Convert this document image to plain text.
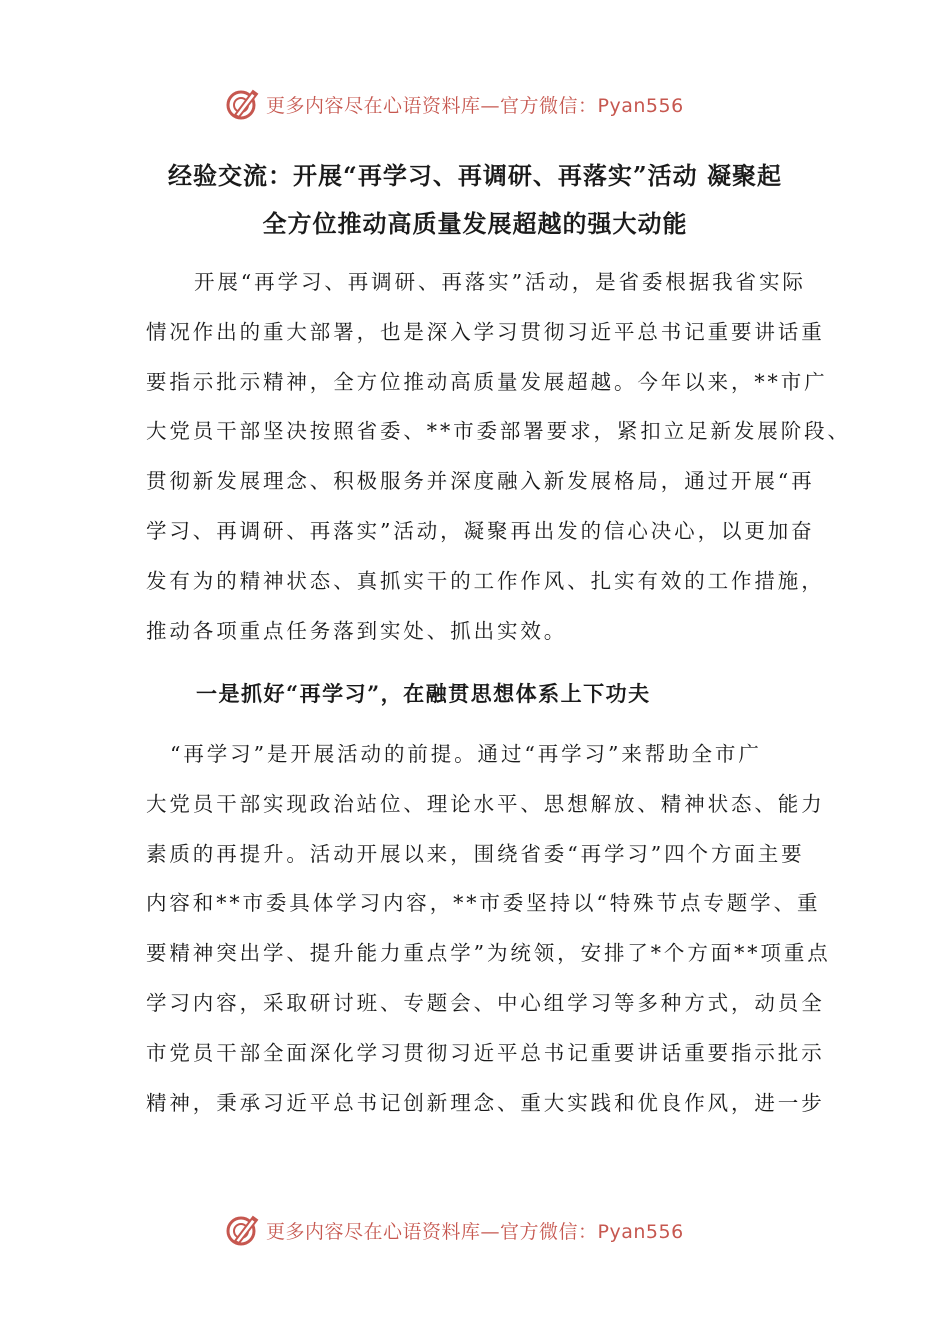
更多内容尽在心语资料库—官方微信：Pyan556
经验交流：开展“再学习、再调研、再落实”活动 凝聚起
全方位推动高质量发展超越的强大动能
开展“再学习、再调研、再落实”活动，是省委根据我省实际
情况作出的重大部署，也是深入学习贯彻习近平总书记重要讲话重
要指示批示精神，全方位推动高质量发展超越。今年以来，**市广
大党员干部坚决按照省委、**市委部署要求，紧扣立足新发展阶段、
贯彻新发展理念、积极服务并深度融入新发展格局，通过开展“再
学习、再调研、再落实”活动，凝聚再出发的信心决心，以更加奋
发有为的精神状态、真抓实干的工作作风、扎实有效的工作措施，
推动各项重点任务落到实处、抓出实效。
一是抓好“再学习”，在融贯思想体系上下功夫
“再学习”是开展活动的前提。通过“再学习”来帮助全市广
大党员干部实现政治站位、理论水平、思想解放、精神状态、能力
素质的再提升。活动开展以来，围绕省委“再学习”四个方面主要
内容和**市委具体学习内容，**市委坚持以“特殊节点专题学、重
要精神突出学、提升能力重点学”为统领，安排了*个方面**项重点
学习内容，采取研讨班、专题会、中心组学习等多种方式，动员全
市党员干部全面深化学习贯彻习近平总书记重要讲话重要指示批示
精神，秉承习近平总书记创新理念、重大实践和优良作风，进一步
更多内容尽在心语资料库—官方微信：Pyan556
